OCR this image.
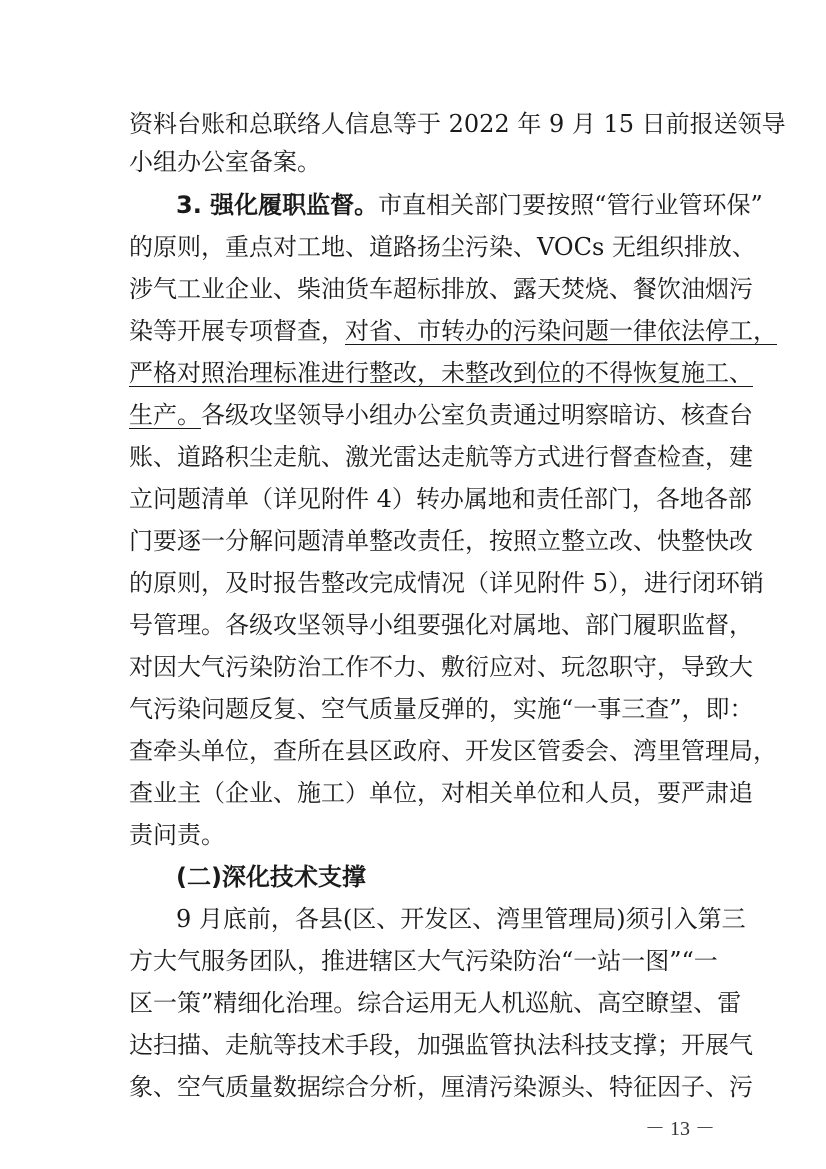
资料台账和总联络人信息等于 2022 年 9 月 15 日前报送领导
小组办公室备案。
3. 强化履职监督。市直相关部门要按照“管行业管环保”
的原则，重点对工地、道路扬尘污染、VOCs 无组织排放、
涉气工业企业、柴油货车超标排放、露天焚烧、餐饮油烟污
染等开展专项督查，对省、市转办的污染问题一律依法停工，
严格对照治理标准进行整改，未整改到位的不得恢复施工、
生产。各级攻坚领导小组办公室负责通过明察暗访、核查台
账、道路积尘走航、激光雷达走航等方式进行督查检查，建
立问题清单（详见附件 4）转办属地和责任部门，各地各部
门要逐一分解问题清单整改责任，按照立整立改、快整快改
的原则，及时报告整改完成情况（详见附件 5），进行闭环销
号管理。各级攻坚领导小组要强化对属地、部门履职监督，
对因大气污染防治工作不力、敷衍应对、玩忽职守，导致大
气污染问题反复、空气质量反弹的，实施“一事三查”，即：
查牵头单位，查所在县区政府、开发区管委会、湾里管理局，
查业主（企业、施工）单位，对相关单位和人员，要严肃追
责问责。
(二)深化技术支撑
9 月底前，各县(区、开发区、湾里管理局)须引入第三
方大气服务团队，推进辖区大气污染防治“一站一图”“一
区一策”精细化治理。综合运用无人机巡航、高空瞭望、雷
达扫描、走航等技术手段，加强监管执法科技支撑；开展气
象、空气质量数据综合分析，厘清污染源头、特征因子、污
－ 13 －
